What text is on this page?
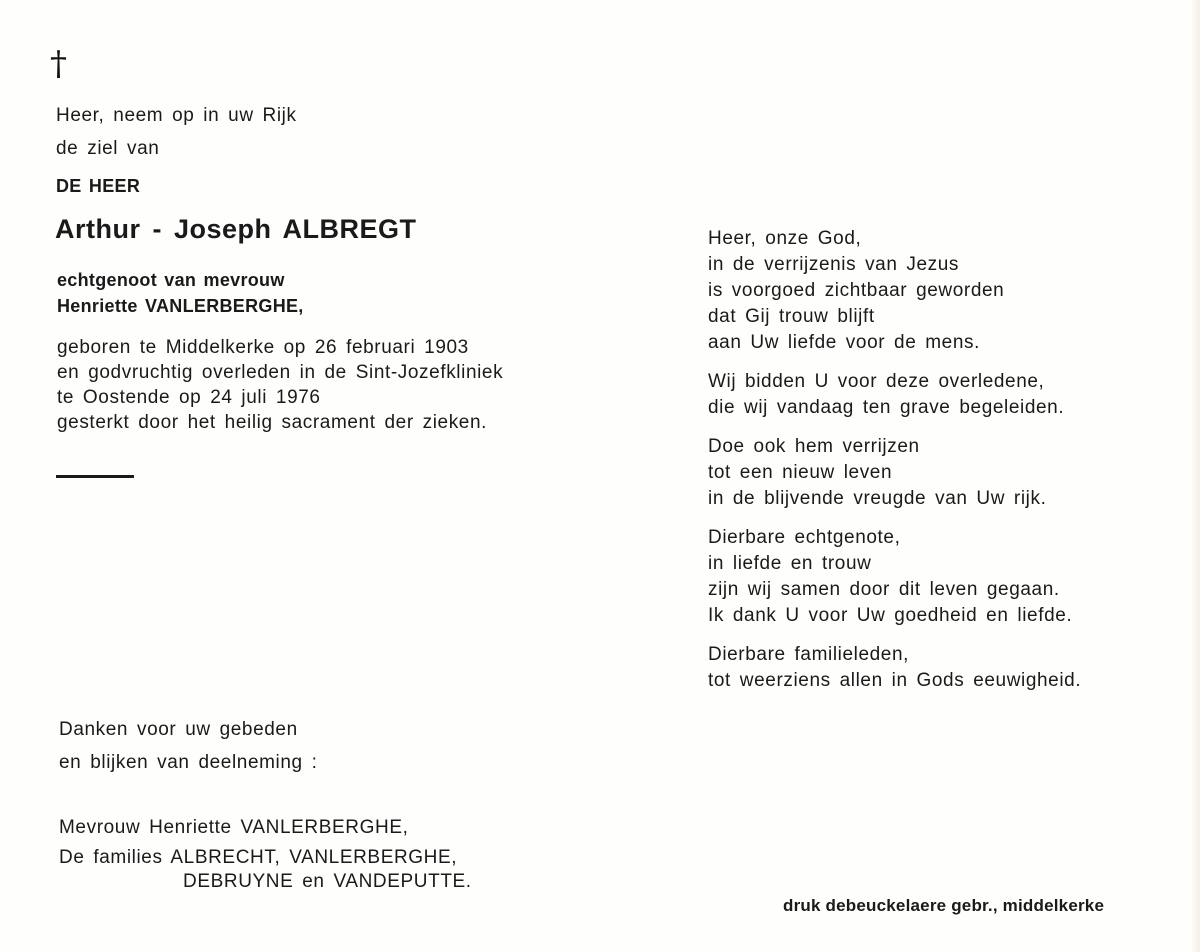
†
Heer, neem op in uw Rijk
de ziel van
DE HEER
Arthur - Joseph ALBREGT
echtgenoot van mevrouw
Henriette VANLERBERGHE,
geboren te Middelkerke op 26 februari 1903
en godvruchtig overleden in de Sint-Jozefkliniek
te Oostende op 24 juli 1976
gesterkt door het heilig sacrament der zieken.
Danken voor uw gebeden
en blijken van deelneming :
Mevrouw Henriette VANLERBERGHE,
De families ALBRECHT, VANLERBERGHE,
DEBRUYNE en VANDEPUTTE.

Heer, onze God,
in de verrijzenis van Jezus
is voorgoed zichtbaar geworden
dat Gij trouw blijft
aan Uw liefde voor de mens.

Wij bidden U voor deze overledene,
die wij vandaag ten grave begeleiden.

Doe ook hem verrijzen
tot een nieuw leven
in de blijvende vreugde van Uw rijk.

Dierbare echtgenote,
in liefde en trouw
zijn wij samen door dit leven gegaan.
Ik dank U voor Uw goedheid en liefde.

Dierbare familieleden,
tot weerziens allen in Gods eeuwigheid.

druk debeuckelaere gebr., middelkerke
